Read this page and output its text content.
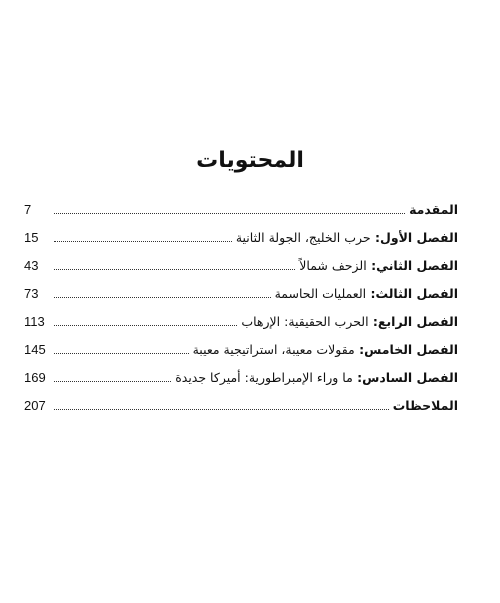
المحتويات
المقدمة
7
الفصل الأول: حرب الخليج، الجولة الثانية
15
الفصل الثاني: الزحف شمالاً
43
الفصل الثالث: العمليات الحاسمة
73
الفصل الرابع: الحرب الحقيقية: الإرهاب
113
الفصل الخامس: مقولات معيبة، استراتيجية معيبة
145
الفصل السادس: ما وراء الإمبراطورية: أميركا جديدة
169
الملاحظات
207
